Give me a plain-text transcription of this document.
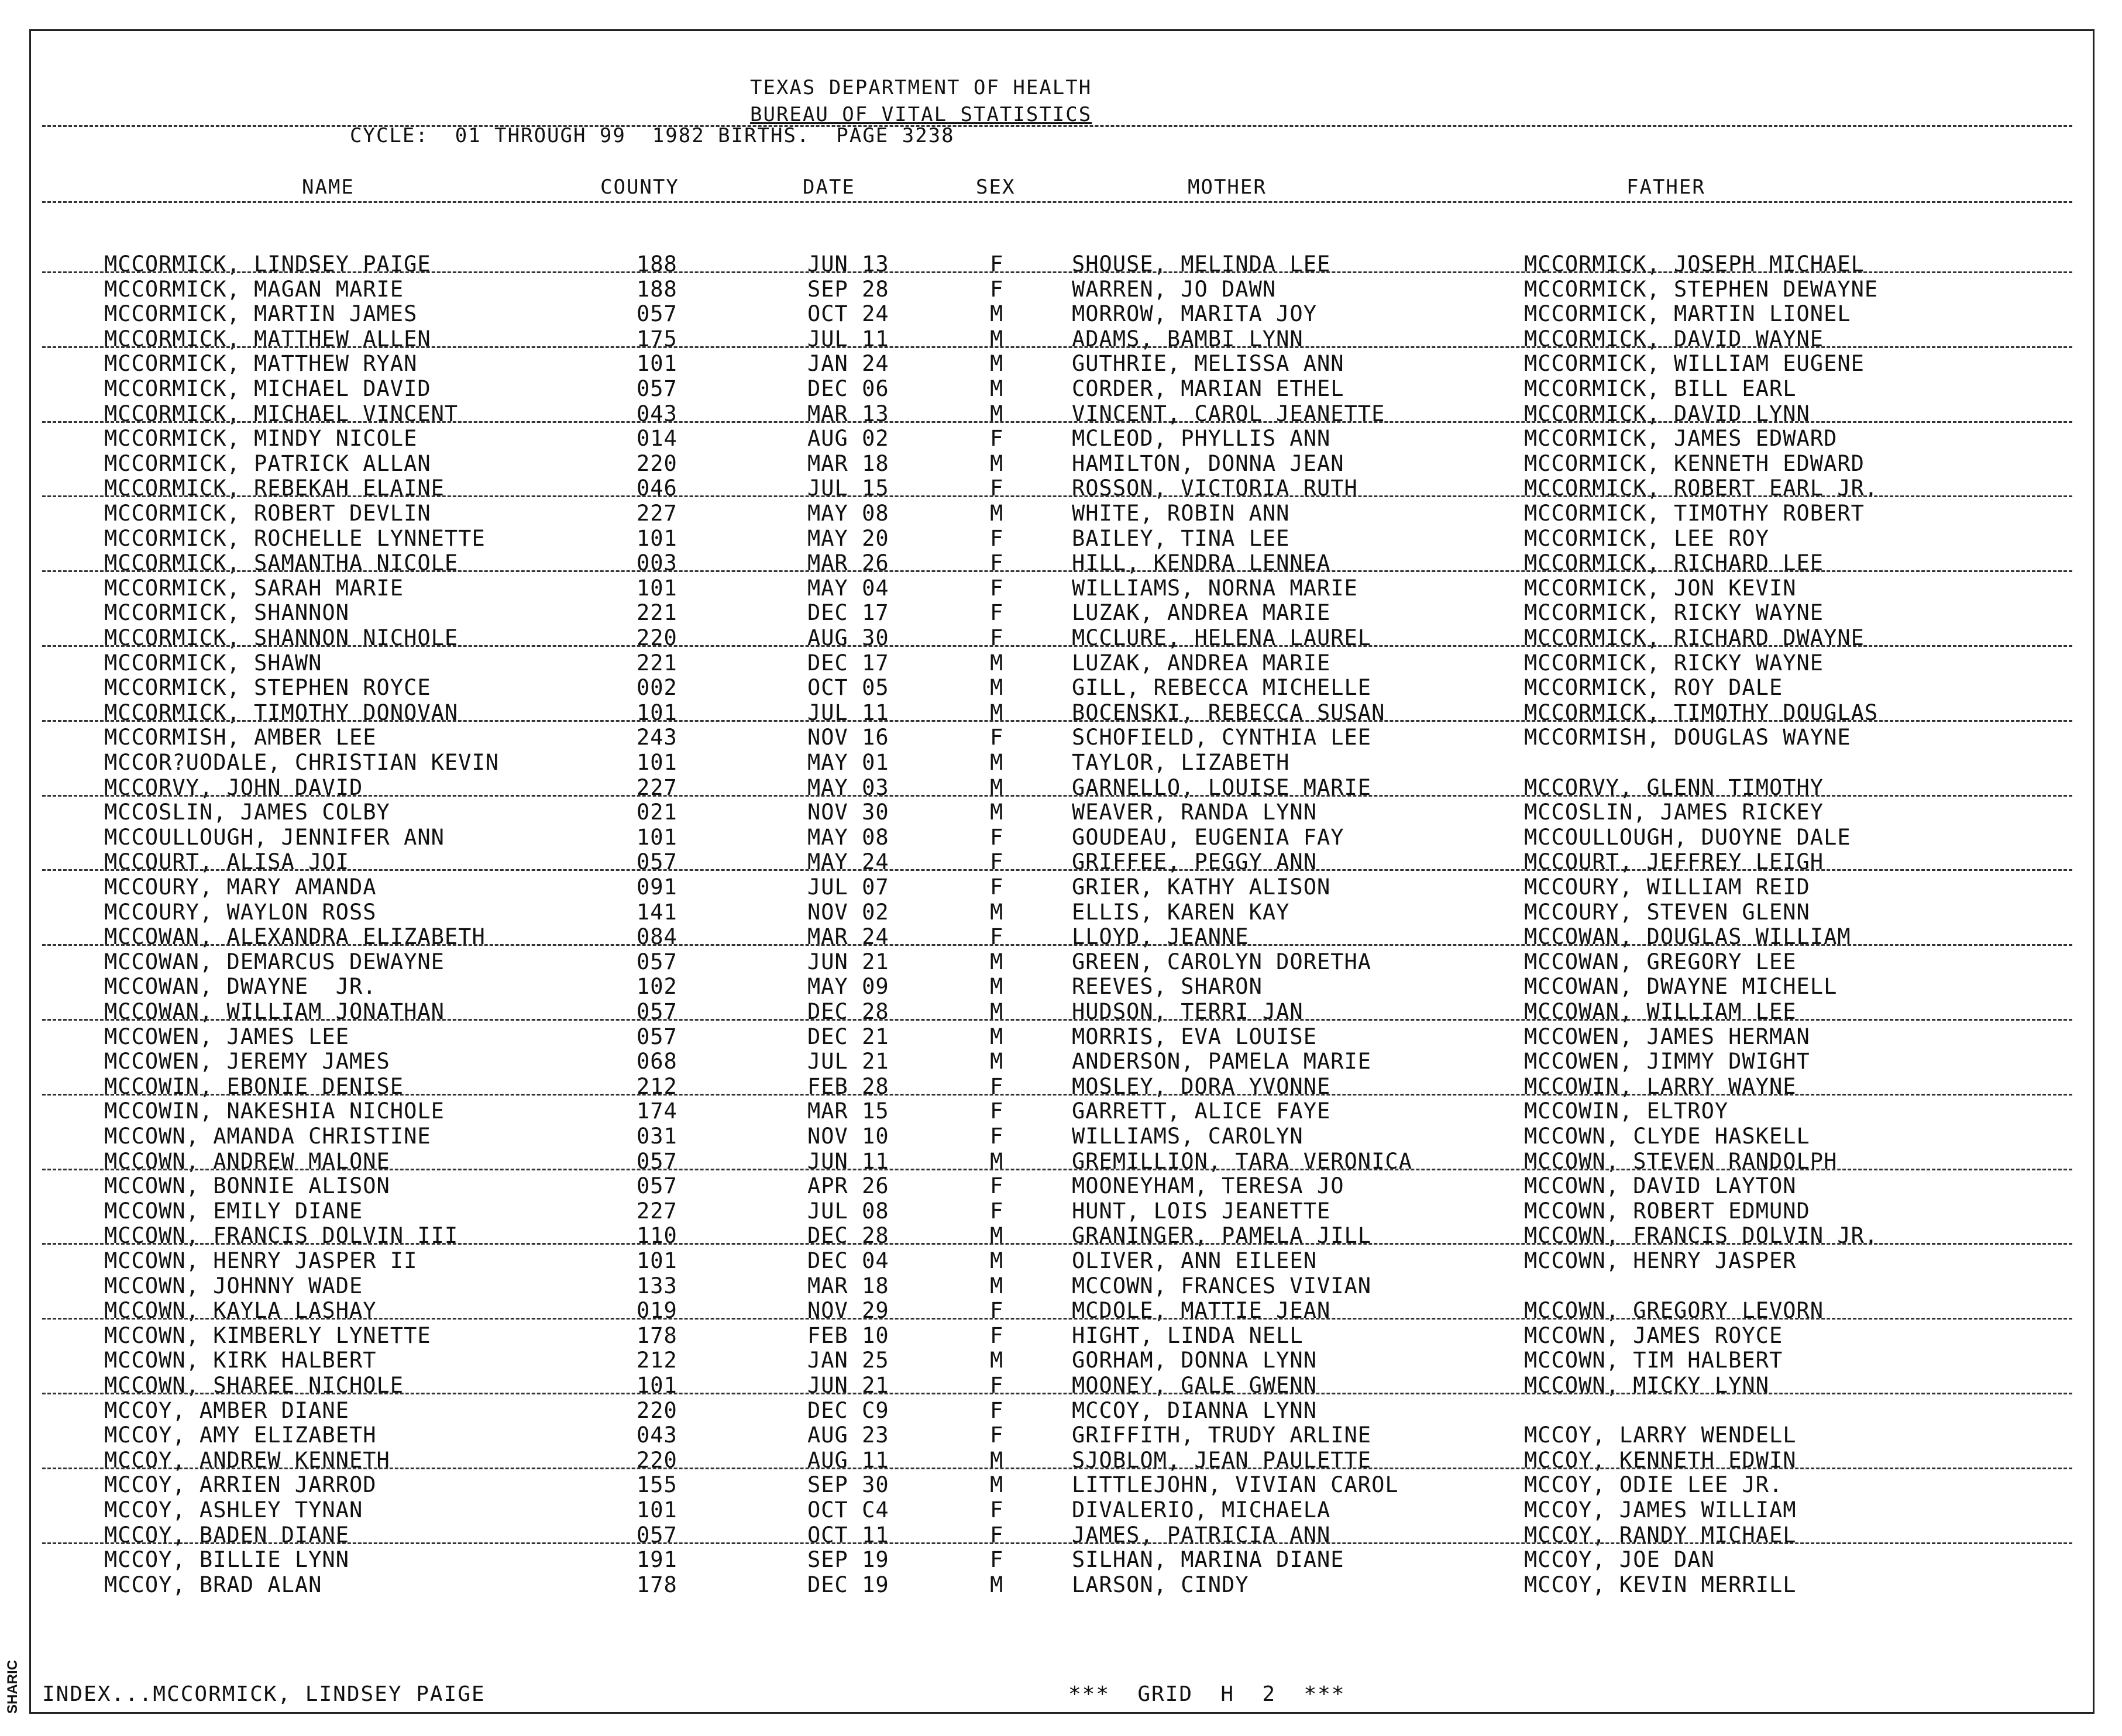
TEXAS DEPARTMENT OF HEALTH
BUREAU OF VITAL STATISTICS
CYCLE:  01 THROUGH 99  1982 BIRTHS.  PAGE 3238
NAME	COUNTY	DATE	SEX	MOTHER	FATHER
MCCORMICK, LINDSEY PAIGE	188	JUN 13	F	SHOUSE, MELINDA LEE	MCCORMICK, JOSEPH MICHAEL
MCCORMICK, MAGAN MARIE	188	SEP 28	F	WARREN, JO DAWN	MCCORMICK, STEPHEN DEWAYNE
MCCORMICK, MARTIN JAMES	057	OCT 24	M	MORROW, MARITA JOY	MCCORMICK, MARTIN LIONEL
MCCORMICK, MATTHEW ALLEN	175	JUL 11	M	ADAMS, BAMBI LYNN	MCCORMICK, DAVID WAYNE
MCCORMICK, MATTHEW RYAN	101	JAN 24	M	GUTHRIE, MELISSA ANN	MCCORMICK, WILLIAM EUGENE
MCCORMICK, MICHAEL DAVID	057	DEC 06	M	CORDER, MARIAN ETHEL	MCCORMICK, BILL EARL
MCCORMICK, MICHAEL VINCENT	043	MAR 13	M	VINCENT, CAROL JEANETTE	MCCORMICK, DAVID LYNN
MCCORMICK, MINDY NICOLE	014	AUG 02	F	MCLEOD, PHYLLIS ANN	MCCORMICK, JAMES EDWARD
MCCORMICK, PATRICK ALLAN	220	MAR 18	M	HAMILTON, DONNA JEAN	MCCORMICK, KENNETH EDWARD
MCCORMICK, REBEKAH ELAINE	046	JUL 15	F	ROSSON, VICTORIA RUTH	MCCORMICK, ROBERT EARL JR.
MCCORMICK, ROBERT DEVLIN	227	MAY 08	M	WHITE, ROBIN ANN	MCCORMICK, TIMOTHY ROBERT
MCCORMICK, ROCHELLE LYNNETTE	101	MAY 20	F	BAILEY, TINA LEE	MCCORMICK, LEE ROY
MCCORMICK, SAMANTHA NICOLE	003	MAR 26	F	HILL, KENDRA LENNEA	MCCORMICK, RICHARD LEE
MCCORMICK, SARAH MARIE	101	MAY 04	F	WILLIAMS, NORNA MARIE	MCCORMICK, JON KEVIN
MCCORMICK, SHANNON	221	DEC 17	F	LUZAK, ANDREA MARIE	MCCORMICK, RICKY WAYNE
MCCORMICK, SHANNON NICHOLE	220	AUG 30	F	MCCLURE, HELENA LAUREL	MCCORMICK, RICHARD DWAYNE
MCCORMICK, SHAWN	221	DEC 17	M	LUZAK, ANDREA MARIE	MCCORMICK, RICKY WAYNE
MCCORMICK, STEPHEN ROYCE	002	OCT 05	M	GILL, REBECCA MICHELLE	MCCORMICK, ROY DALE
MCCORMICK, TIMOTHY DONOVAN	101	JUL 11	M	BOCENSKI, REBECCA SUSAN	MCCORMICK, TIMOTHY DOUGLAS
MCCORMISH, AMBER LEE	243	NOV 16	F	SCHOFIELD, CYNTHIA LEE	MCCORMISH, DOUGLAS WAYNE
MCCOR?UODALE, CHRISTIAN KEVIN	101	MAY 01	M	TAYLOR, LIZABETH
MCCORVY, JOHN DAVID	227	MAY 03	M	GARNELLO, LOUISE MARIE	MCCORVY, GLENN TIMOTHY
MCCOSLIN, JAMES COLBY	021	NOV 30	M	WEAVER, RANDA LYNN	MCCOSLIN, JAMES RICKEY
MCCOULLOUGH, JENNIFER ANN	101	MAY 08	F	GOUDEAU, EUGENIA FAY	MCCOULLOUGH, DUOYNE DALE
MCCOURT, ALISA JOI	057	MAY 24	F	GRIFFEE, PEGGY ANN	MCCOURT, JEFFREY LEIGH
MCCOURY, MARY AMANDA	091	JUL 07	F	GRIER, KATHY ALISON	MCCOURY, WILLIAM REID
MCCOURY, WAYLON ROSS	141	NOV 02	M	ELLIS, KAREN KAY	MCCOURY, STEVEN GLENN
MCCOWAN, ALEXANDRA ELIZABETH	084	MAR 24	F	LLOYD, JEANNE	MCCOWAN, DOUGLAS WILLIAM
MCCOWAN, DEMARCUS DEWAYNE	057	JUN 21	M	GREEN, CAROLYN DORETHA	MCCOWAN, GREGORY LEE
MCCOWAN, DWAYNE  JR.	102	MAY 09	M	REEVES, SHARON	MCCOWAN, DWAYNE MICHELL
MCCOWAN, WILLIAM JONATHAN	057	DEC 28	M	HUDSON, TERRI JAN	MCCOWAN, WILLIAM LEE
MCCOWEN, JAMES LEE	057	DEC 21	M	MORRIS, EVA LOUISE	MCCOWEN, JAMES HERMAN
MCCOWEN, JEREMY JAMES	068	JUL 21	M	ANDERSON, PAMELA MARIE	MCCOWEN, JIMMY DWIGHT
MCCOWIN, EBONIE DENISE	212	FEB 28	F	MOSLEY, DORA YVONNE	MCCOWIN, LARRY WAYNE
MCCOWIN, NAKESHIA NICHOLE	174	MAR 15	F	GARRETT, ALICE FAYE	MCCOWIN, ELTROY
MCCOWN, AMANDA CHRISTINE	031	NOV 10	F	WILLIAMS, CAROLYN	MCCOWN, CLYDE HASKELL
MCCOWN, ANDREW MALONE	057	JUN 11	M	GREMILLION, TARA VERONICA	MCCOWN, STEVEN RANDOLPH
MCCOWN, BONNIE ALISON	057	APR 26	F	MOONEYHAM, TERESA JO	MCCOWN, DAVID LAYTON
MCCOWN, EMILY DIANE	227	JUL 08	F	HUNT, LOIS JEANETTE	MCCOWN, ROBERT EDMUND
MCCOWN, FRANCIS DOLVIN III	110	DEC 28	M	GRANINGER, PAMELA JILL	MCCOWN, FRANCIS DOLVIN JR.
MCCOWN, HENRY JASPER II	101	DEC 04	M	OLIVER, ANN EILEEN	MCCOWN, HENRY JASPER
MCCOWN, JOHNNY WADE	133	MAR 18	M	MCCOWN, FRANCES VIVIAN
MCCOWN, KAYLA LASHAY	019	NOV 29	F	MCDOLE, MATTIE JEAN	MCCOWN, GREGORY LEVORN
MCCOWN, KIMBERLY LYNETTE	178	FEB 10	F	HIGHT, LINDA NELL	MCCOWN, JAMES ROYCE
MCCOWN, KIRK HALBERT	212	JAN 25	M	GORHAM, DONNA LYNN	MCCOWN, TIM HALBERT
MCCOWN, SHAREE NICHOLE	101	JUN 21	F	MOONEY, GALE GWENN	MCCOWN, MICKY LYNN
MCCOY, AMBER DIANE	220	DEC C9	F	MCCOY, DIANNA LYNN
MCCOY, AMY ELIZABETH	043	AUG 23	F	GRIFFITH, TRUDY ARLINE	MCCOY, LARRY WENDELL
MCCOY, ANDREW KENNETH	220	AUG 11	M	SJOBLOM, JEAN PAULETTE	MCCOY, KENNETH EDWIN
MCCOY, ARRIEN JARROD	155	SEP 30	M	LITTLEJOHN, VIVIAN CAROL	MCCOY, ODIE LEE JR.
MCCOY, ASHLEY TYNAN	101	OCT C4	F	DIVALERIO, MICHAELA	MCCOY, JAMES WILLIAM
MCCOY, BADEN DIANE	057	OCT 11	F	JAMES, PATRICIA ANN	MCCOY, RANDY MICHAEL
MCCOY, BILLIE LYNN	191	SEP 19	F	SILHAN, MARINA DIANE	MCCOY, JOE DAN
MCCOY, BRAD ALAN	178	DEC 19	M	LARSON, CINDY	MCCOY, KEVIN MERRILL
INDEX...MCCORMICK, LINDSEY PAIGE	***  GRID  H  2  ***
SHARIC
